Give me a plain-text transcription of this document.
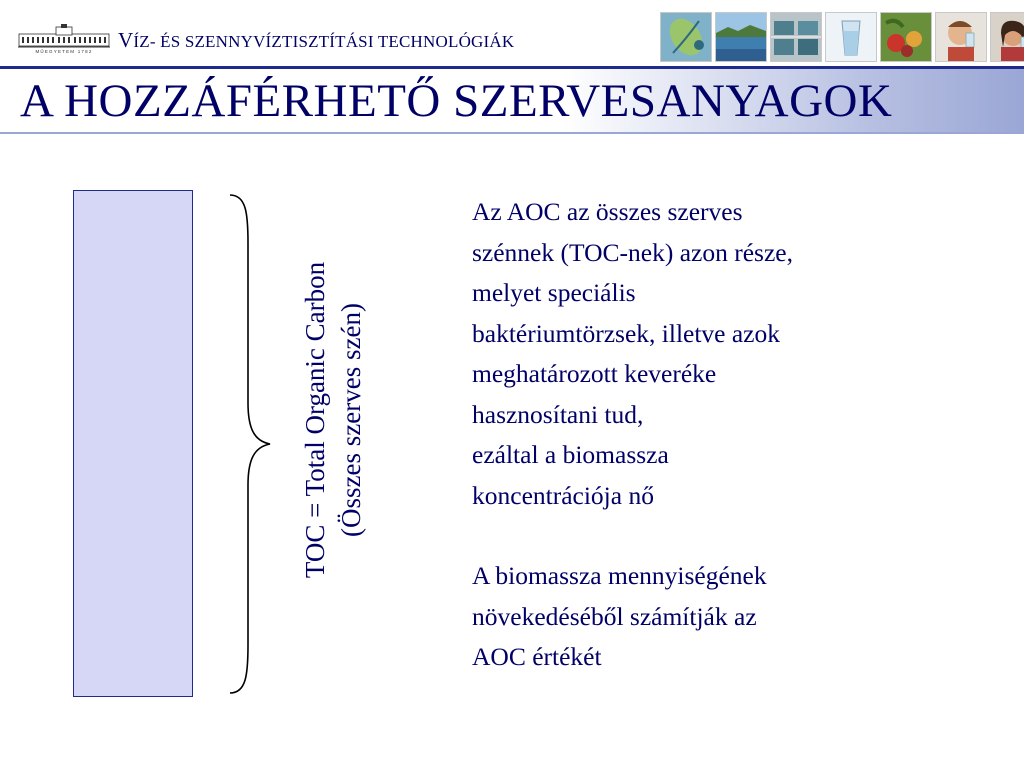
MŰEGYETEM 1782 VÍZ- ÉS SZENNYVÍZTISZTÍTÁSI TECHNOLÓGIÁK
A HOZZÁFÉRHETŐ SZERVESANYAGOK
TOC = Total Organic Carbon (Összes szerves szén)
Az AOC az összes szerves
szénnek (TOC-nek) azon része,
melyet speciális
baktériumtörzsek, illetve azok
meghatározott keveréke
hasznosítani tud,
ezáltal a biomassza
koncentrációja nő
A biomassza mennyiségének
növekedéséből számítják az
AOC értékét
